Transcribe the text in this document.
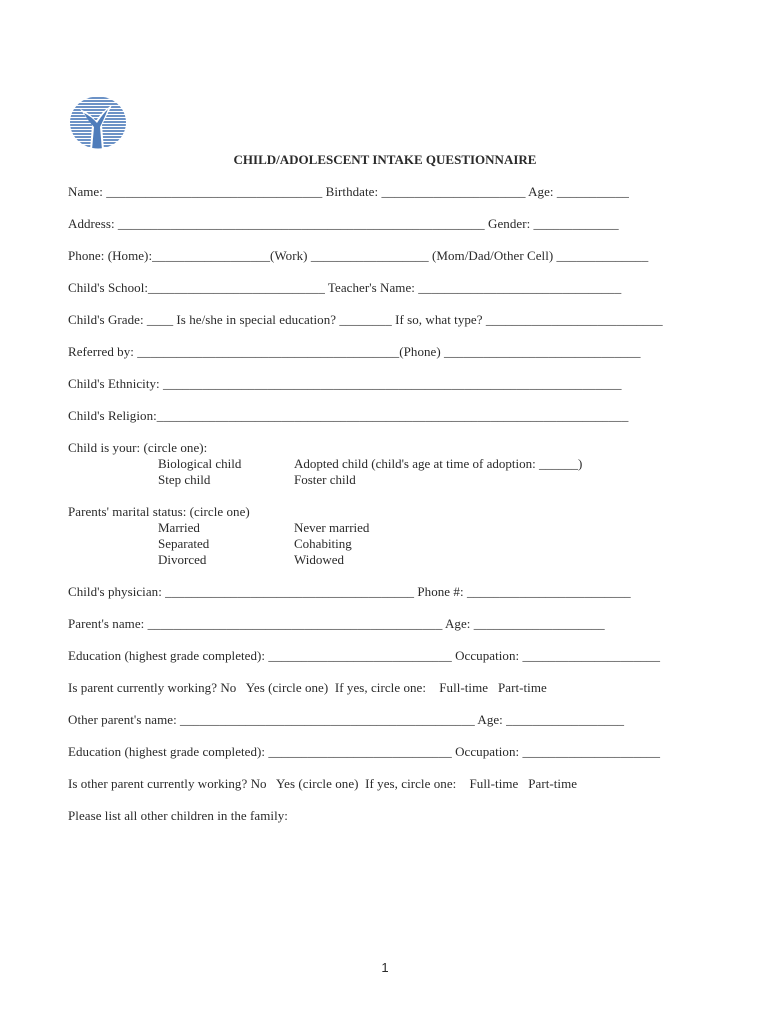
CHILD/ADOLESCENT INTAKE QUESTIONNAIRE
Name: _________________________________ Birthdate: ______________________ Age: ___________
Address: ________________________________________________________ Gender: _____________
Phone: (Home):__________________(Work) __________________ (Mom/Dad/Other Cell) ______________
Child's School:___________________________ Teacher's Name: _______________________________
Child's Grade: ____ Is he/she in special education? ________ If so, what type? ___________________________
Referred by: ________________________________________(Phone) ______________________________
Child's Ethnicity: ______________________________________________________________________
Child's Religion:________________________________________________________________________
Child is your: (circle one):
Biological child
Step child
Adopted child (child's age at time of adoption: ______)
Foster child
Parents' marital status: (circle one)
Married
Separated
Divorced
Never married
Cohabiting
Widowed
Child's physician: ______________________________________ Phone #: _________________________
Parent's name: _____________________________________________ Age: ____________________
Education (highest grade completed): ____________________________ Occupation: _____________________
Is parent currently working? No   Yes (circle one)  If yes, circle one:    Full-time   Part-time
Other parent's name: _____________________________________________ Age: __________________
Education (highest grade completed): ____________________________ Occupation: _____________________
Is other parent currently working? No   Yes (circle one)  If yes, circle one:    Full-time   Part-time
Please list all other children in the family:
1
